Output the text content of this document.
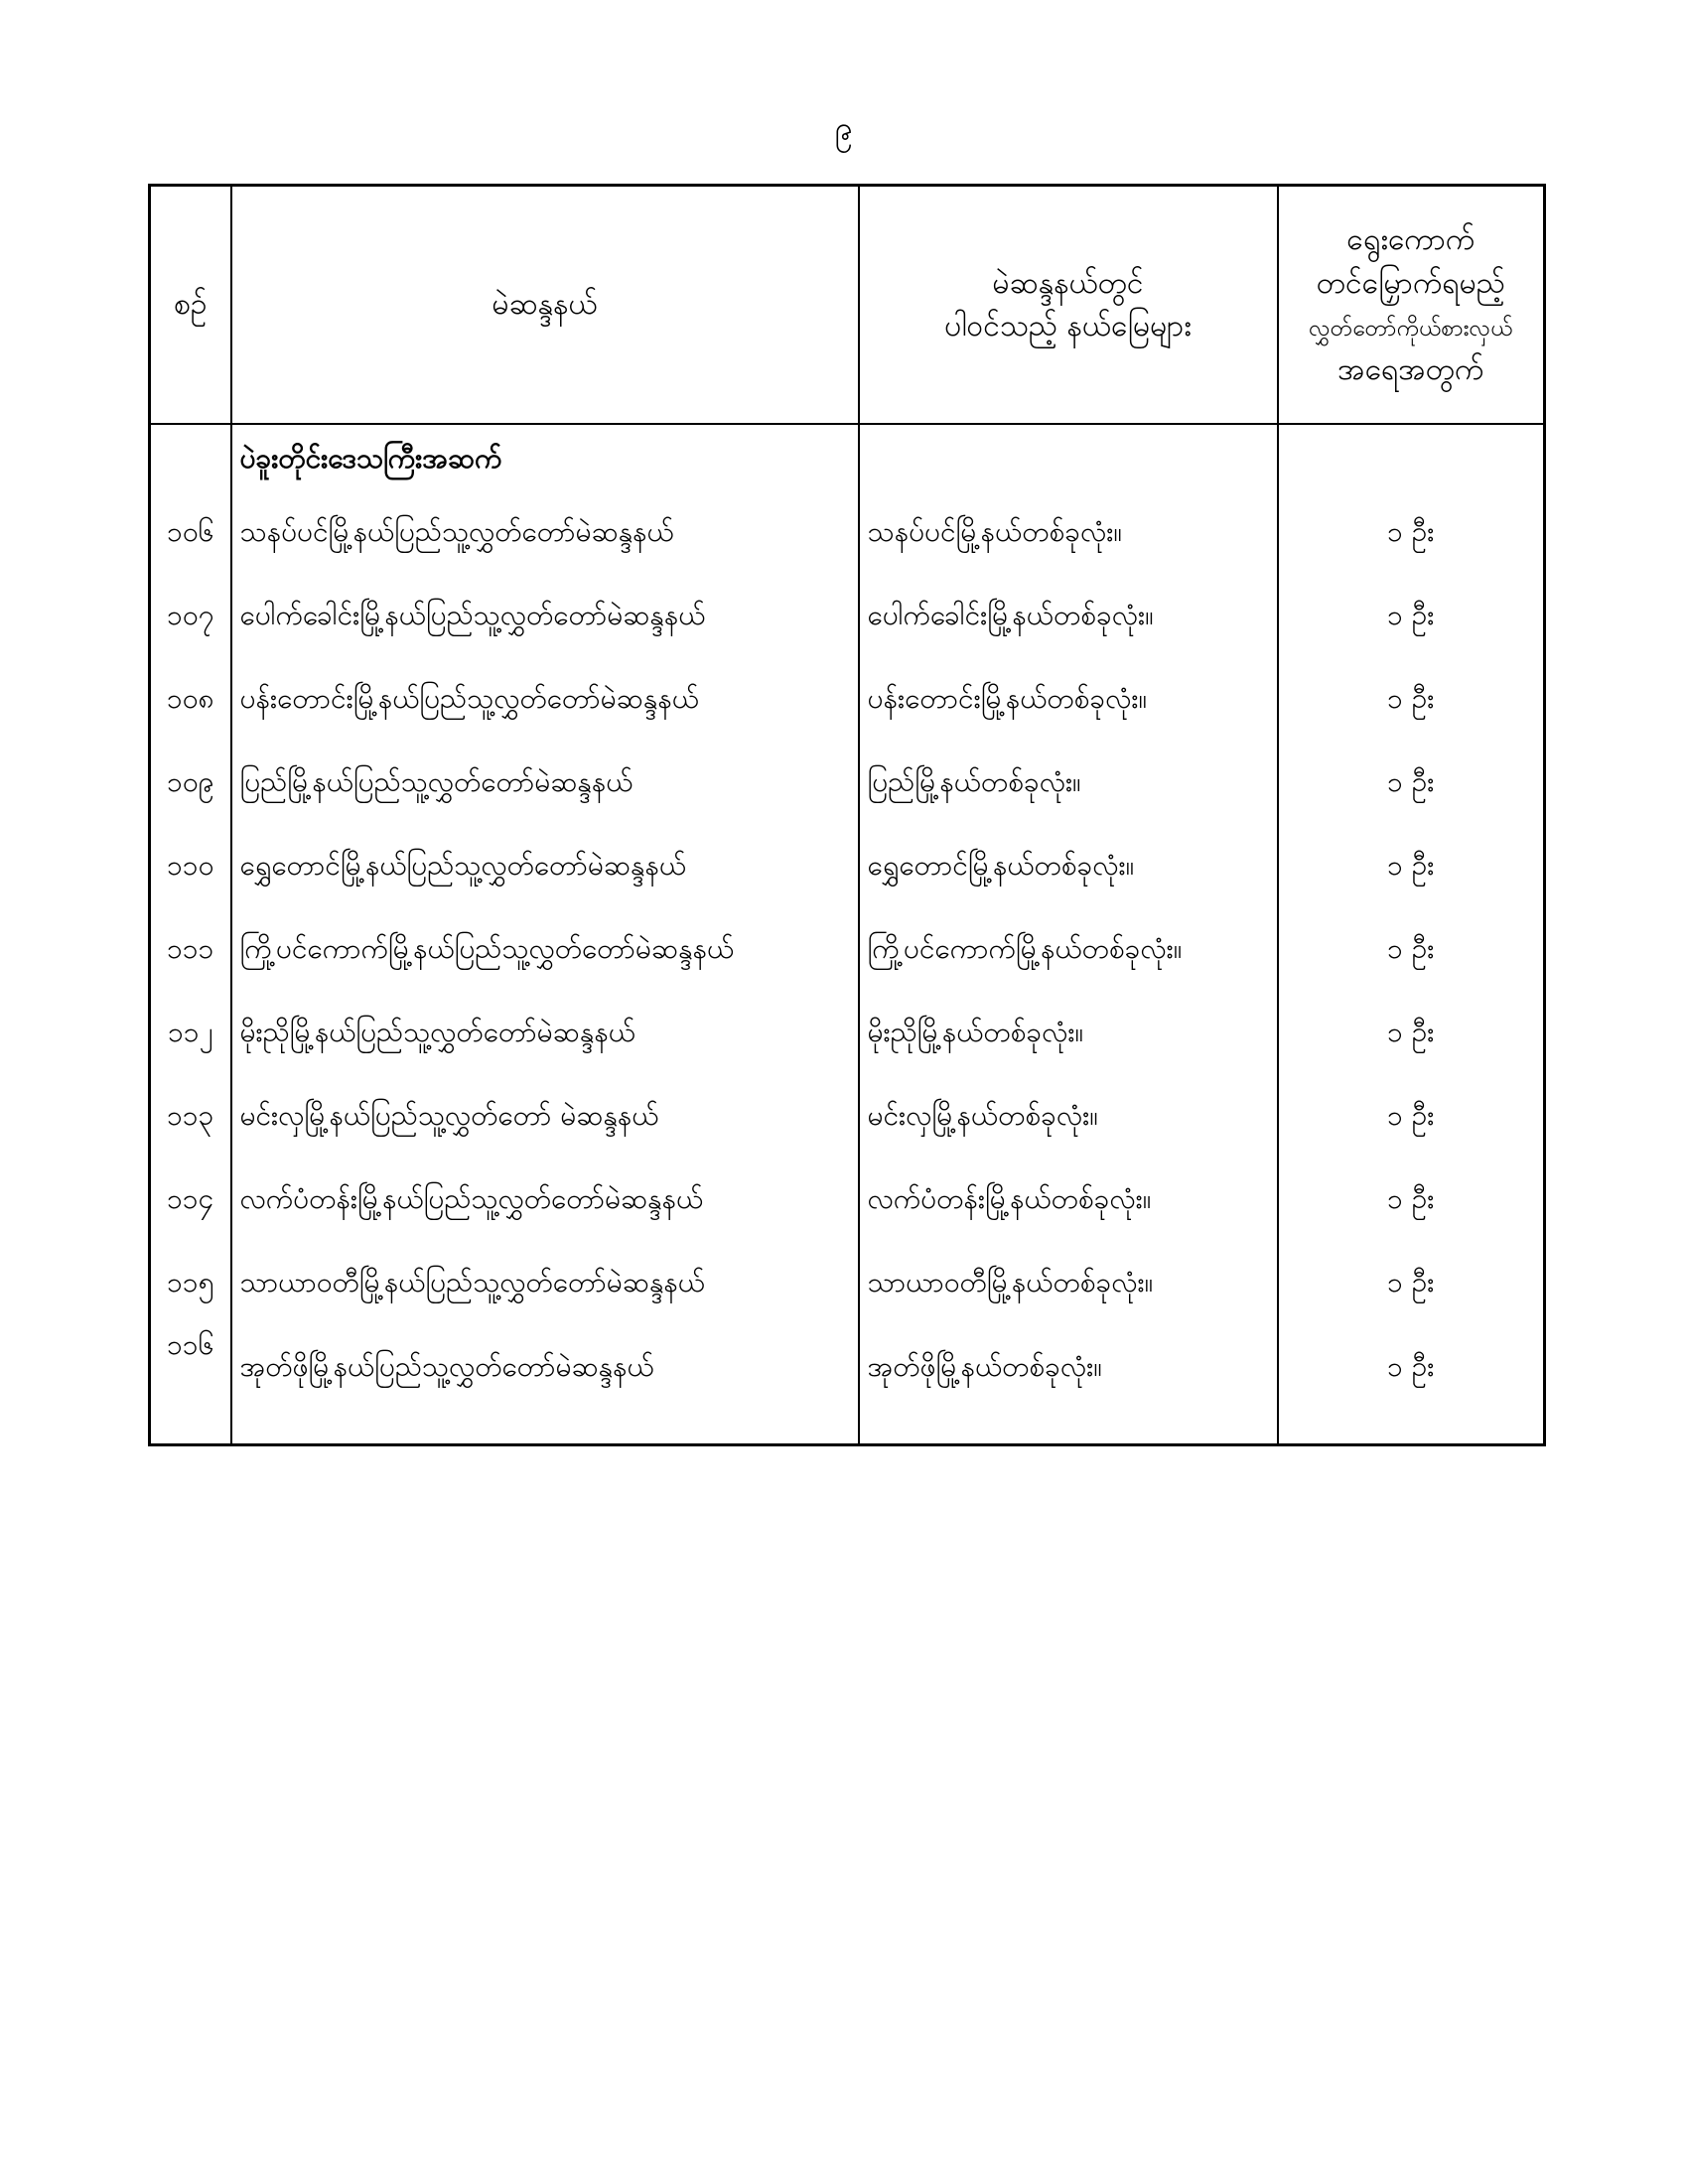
၉
စဉ်	မဲဆန္ဒနယ်	မဲဆန္ဒနယ်တွင်
ပါဝင်သည့် နယ်မြေများ	ရွေးကောက်
တင်မြှောက်ရမည့်
လွှတ်တော်ကိုယ်စားလှယ်
အရေအတွက်
	ပဲခူးတိုင်းဒေသကြီးအဆက်		
၁၀၆	သနပ်ပင်မြို့နယ်ပြည်သူ့လွှတ်တော်မဲဆန္ဒနယ်	သနပ်ပင်မြို့နယ်တစ်ခုလုံး။	၁ ဦး
၁၀၇	ပေါက်ခေါင်းမြို့နယ်ပြည်သူ့လွှတ်တော်မဲဆန္ဒနယ်	ပေါက်ခေါင်းမြို့နယ်တစ်ခုလုံး။	၁ ဦး
၁၀၈	ပန်းတောင်းမြို့နယ်ပြည်သူ့လွှတ်တော်မဲဆန္ဒနယ်	ပန်းတောင်းမြို့နယ်တစ်ခုလုံး။	၁ ဦး
၁၀၉	ပြည်မြို့နယ်ပြည်သူ့လွှတ်တော်မဲဆန္ဒနယ်	ပြည်မြို့နယ်တစ်ခုလုံး။	၁ ဦး
၁၁၀	ရွှေတောင်မြို့နယ်ပြည်သူ့လွှတ်တော်မဲဆန္ဒနယ်	ရွှေတောင်မြို့နယ်တစ်ခုလုံး။	၁ ဦး
၁၁၁	ကြို့ပင်ကောက်မြို့နယ်ပြည်သူ့လွှတ်တော်မဲဆန္ဒနယ်	ကြို့ပင်ကောက်မြို့နယ်တစ်ခုလုံး။	၁ ဦး
၁၁၂	မိုးညိုမြို့နယ်ပြည်သူ့လွှတ်တော်မဲဆန္ဒနယ်	မိုးညိုမြို့နယ်တစ်ခုလုံး။	၁ ဦး
၁၁၃	မင်းလှမြို့နယ်ပြည်သူ့လွှတ်တော် မဲဆန္ဒနယ်	မင်းလှမြို့နယ်တစ်ခုလုံး။	၁ ဦး
၁၁၄	လက်ပံတန်းမြို့နယ်ပြည်သူ့လွှတ်တော်မဲဆန္ဒနယ်	လက်ပံတန်းမြို့နယ်တစ်ခုလုံး။	၁ ဦး
၁၁၅	သာယာဝတီမြို့နယ်ပြည်သူ့လွှတ်တော်မဲဆန္ဒနယ်	သာယာဝတီမြို့နယ်တစ်ခုလုံး။	၁ ဦး
၁၁၆	အုတ်ဖိုမြို့နယ်ပြည်သူ့လွှတ်တော်မဲဆန္ဒနယ်	အုတ်ဖိုမြို့နယ်တစ်ခုလုံး။	၁ ဦး
